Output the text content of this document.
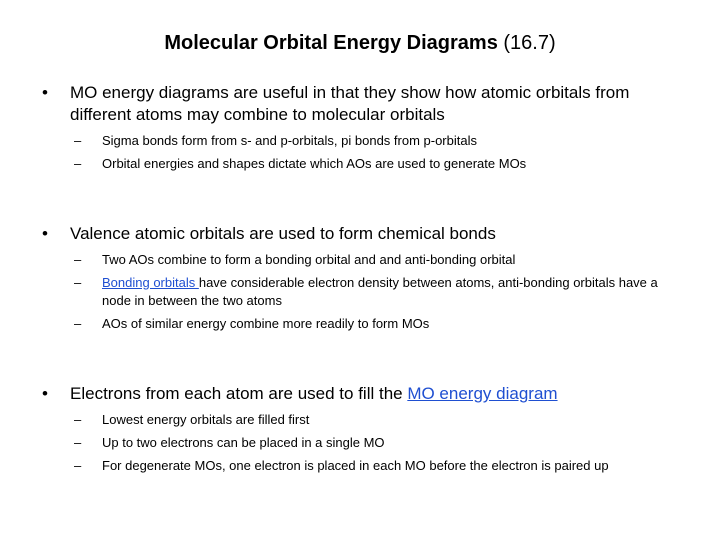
Molecular Orbital Energy Diagrams (16.7)
•	MO energy diagrams are useful in that they show how atomic orbitals from different atoms may combine to molecular orbitals
–	Sigma bonds form from s- and p-orbitals, pi bonds from p-orbitals
–	Orbital energies and shapes dictate which AOs are used to generate MOs
•	Valence atomic orbitals are used to form chemical bonds
–	Two AOs combine to form a bonding orbital and and anti-bonding orbital
–	Bonding orbitals have considerable electron density between atoms, anti-bonding orbitals have a node in between the two atoms
–	AOs of similar energy combine more readily to form MOs
•	Electrons from each atom are used to fill the MO energy diagram
–	Lowest energy orbitals are filled first
–	Up to two electrons can be placed in a single MO
–	For degenerate MOs, one electron is placed in each MO before the electron is paired up
